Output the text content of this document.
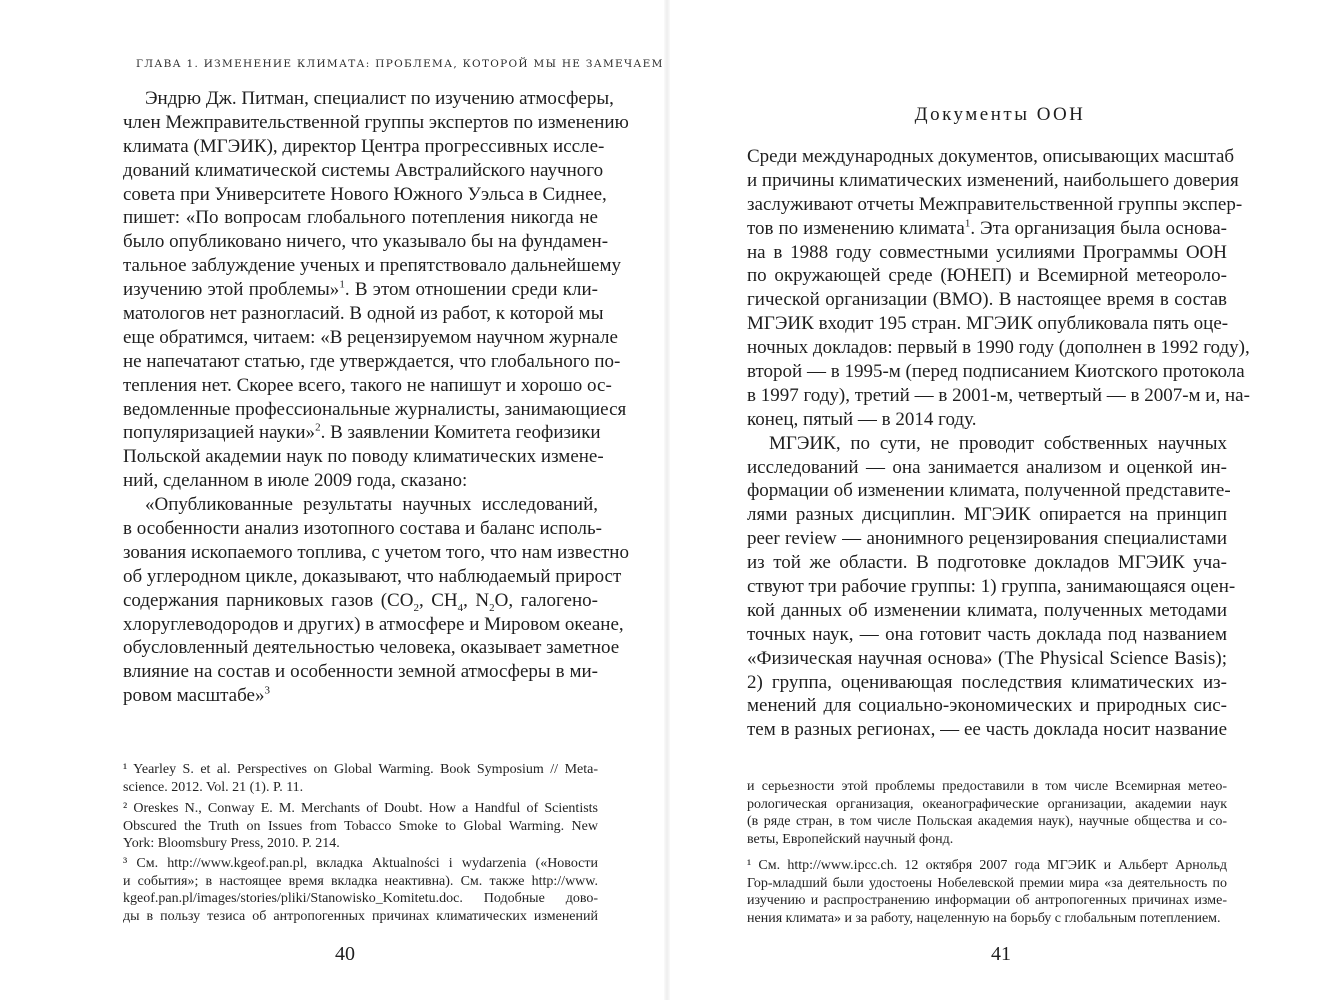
ГЛАВА 1. ИЗМЕНЕНИЕ КЛИМАТА: ПРОБЛЕМА, КОТОРОЙ МЫ НЕ ЗАМЕЧАЕМ
Эндрю Дж. Питман, специалист по изучению атмосферы,
член Межправительственной группы экспертов по изменению
климата (МГЭИК), директор Центра прогрессивных иссле-
дований климатической системы Австралийского научного
совета при Университете Нового Южного Уэльса в Сиднее,
пишет: «По вопросам глобального потепления никогда не
было опубликовано ничего, что указывало бы на фундамен-
тальное заблуждение ученых и препятствовало дальнейшему
изучению этой проблемы»$^1$. В этом отношении среди кли-
матологов нет разногласий. В одной из работ, к которой мы
еще обратимся, читаем: «В рецензируемом научном журнале
не напечатают статью, где утверждается, что глобального по-
тепления нет. Скорее всего, такого не напишут и хорошо ос-
ведомленные профессиональные журналисты, занимающиеся
популяризацией науки»$^2$. В заявлении Комитета геофизики
Польской академии наук по поводу климатических измене-
ний, сделанном в июле 2009 года, сказано:
«Опубликованные результаты научных исследований,
в особенности анализ изотопного состава и баланс исполь-
зования ископаемого топлива, с учетом того, что нам известно
об углеродном цикле, доказывают, что наблюдаемый прирост
содержания парниковых газов ($CO_2$, $CH_4$, $N_2O$, галогено-
хлоруглеводородов и других) в атмосфере и Мировом океане,
обусловленный деятельностью человека, оказывает заметное
влияние на состав и особенности земной атмосферы в ми-
ровом масштабе»$^3$
¹ Yearley S. et al. Perspectives on Global Warming. Book Symposium // Meta-
science. 2012. Vol. 21 (1). P. 11.
² Oreskes N., Conway E. M. Merchants of Doubt. How a Handful of Scientists
Obscured the Truth on Issues from Tobacco Smoke to Global Warming. New
York: Bloomsbury Press, 2010. P. 214.
³ См. http://www.kgeof.pan.pl, вкладка Aktualności i wydarzenia («Новости
и события»; в настоящее время вкладка неактивна). См. также http://www.
kgeof.pan.pl/images/stories/pliki/Stanowisko_Komitetu.doc. Подобные дово-
ды в пользу тезиса об антропогенных причинах климатических изменений
40
Документы ООН
Среди международных документов, описывающих масштаб
и причины климатических изменений, наибольшего доверия
заслуживают отчеты Межправительственной группы экспер-
тов по изменению климата$^1$. Эта организация была основа-
на в 1988 году совместными усилиями Программы ООН
по окружающей среде (ЮНЕП) и Всемирной метеороло-
гической организации (ВМО). В настоящее время в состав
МГЭИК входит 195 стран. МГЭИК опубликовала пять оце-
ночных докладов: первый в 1990 году (дополнен в 1992 году),
второй — в 1995-м (перед подписанием Киотского протокола
в 1997 году), третий — в 2001-м, четвертый — в 2007-м и, на-
конец, пятый — в 2014 году.
МГЭИК, по сути, не проводит собственных научных
исследований — она занимается анализом и оценкой ин-
формации об изменении климата, полученной представите-
лями разных дисциплин. МГЭИК опирается на принцип
peer review — анонимного рецензирования специалистами
из той же области. В подготовке докладов МГЭИК уча-
ствуют три рабочие группы: 1) группа, занимающаяся оцен-
кой данных об изменении климата, полученных методами
точных наук, — она готовит часть доклада под названием
«Физическая научная основа» (The Physical Science Basis);
2) группа, оценивающая последствия климатических из-
менений для социально-экономических и природных сис-
тем в разных регионах, — ее часть доклада носит название
и серьезности этой проблемы предоставили в том числе Всемирная метео-
рологическая организация, океанографические организации, академии наук
(в ряде стран, в том числе Польская академия наук), научные общества и со-
веты, Европейский научный фонд.
¹ См. http://www.ipcc.ch. 12 октября 2007 года МГЭИК и Альберт Арнольд
Гор-младший были удостоены Нобелевской премии мира «за деятельность по
изучению и распространению информации об антропогенных причинах изме-
нения климата» и за работу, нацеленную на борьбу с глобальным потеплением.
41
